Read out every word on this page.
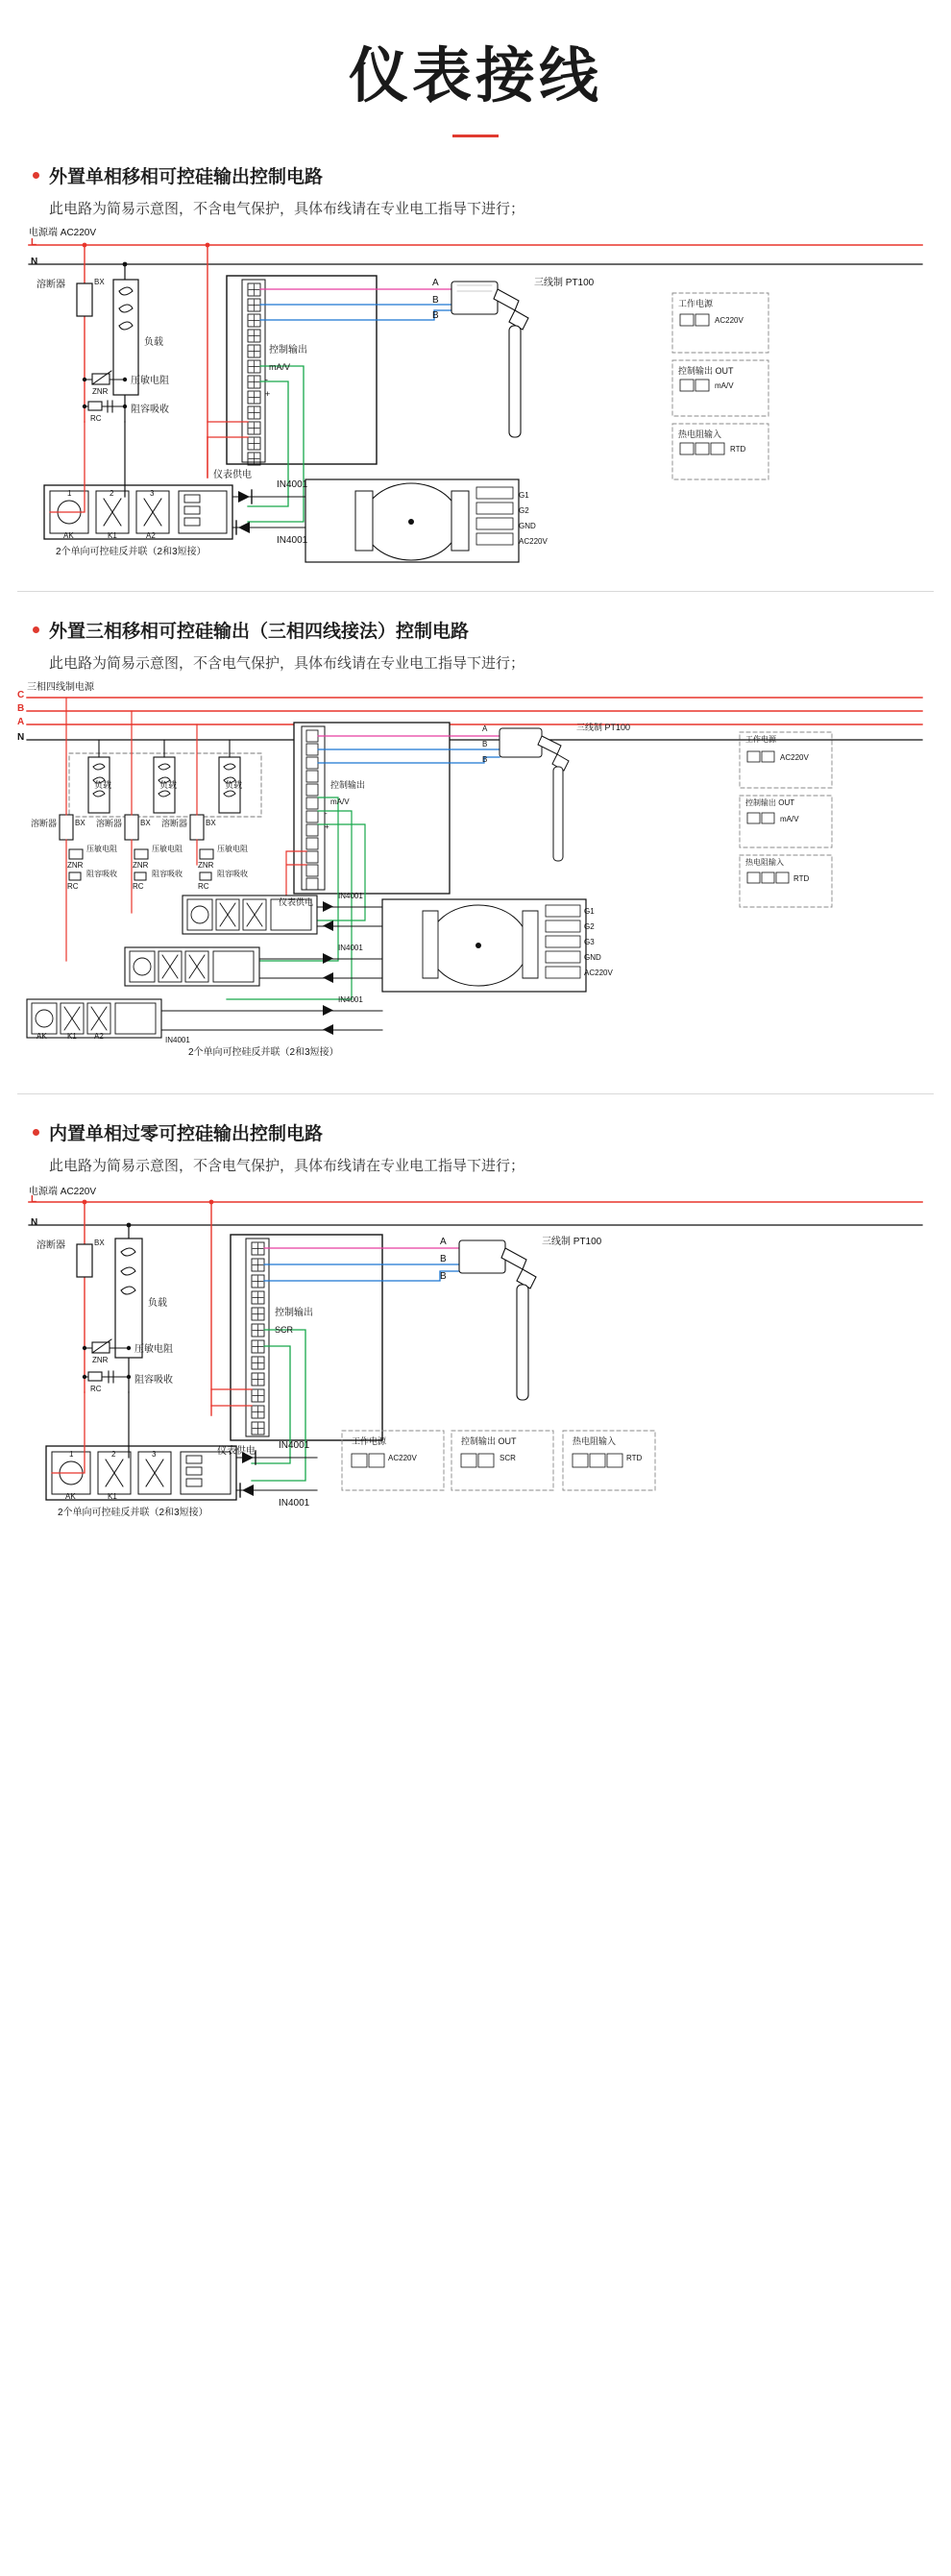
仪表接线
外置单相移相可控硅输出控制电路
此电路为简易示意图，不含电气保护，具体布线请在专业电工指导下进行；
电源端 AC220V
L
N
溶断器	BX
负载
压敏电阻
ZNR
阻容吸收
RC
控制输出
mA/V
-
+
仪表供电
三线制 PT100
A
B
B
工作电源
AC220V
控制输出 OUT
mA/V
热电阻输入
RTD
IN4001
IN4001
2个单向可控硅反并联（2和3短接）
AK	K1	A2
1	2	3	G1
G2
GND
AC220V
外置三相移相可控硅输出（三相四线接法）控制电路
此电路为简易示意图，不含电气保护，具体布线请在专业电工指导下进行；
三相四线制电源
C
B
A
N
溶断器 BX 溶断器 BX 溶断器 BX
负载	负载	负载
压敏电阻	压敏电阻	压敏电阻
ZNR	ZNR	ZNR
阻容吸收	阻容吸收	阻容吸收
RC	RC	RC
控制输出
mA/V
-
+
仪表供电
三线制 PT100
A
B
B
工作电源
AC220V
控制输出 OUT
mA/V
热电阻输入
RTD
IN4001
IN4001
IN4001
IN4001
2个单向可控硅反并联（2和3短接）
AK	K1 A2
G1
G2
G3
GND
AC220V
内置单相过零可控硅输出控制电路
此电路为简易示意图，不含电气保护，具体布线请在专业电工指导下进行；
电源端 AC220V
L
N
溶断器	BX
负载
压敏电阻
ZNR
阻容吸收
RC
控制输出
SCR
仪表供电
三线制 PT100
A
B
B
工作电源
AC220V
控制输出 OUT
SCR
热电阻输入
RTD
IN4001
IN4001
2个单向可控硅反并联（2和3短接）
AK
1	2	3
K1
